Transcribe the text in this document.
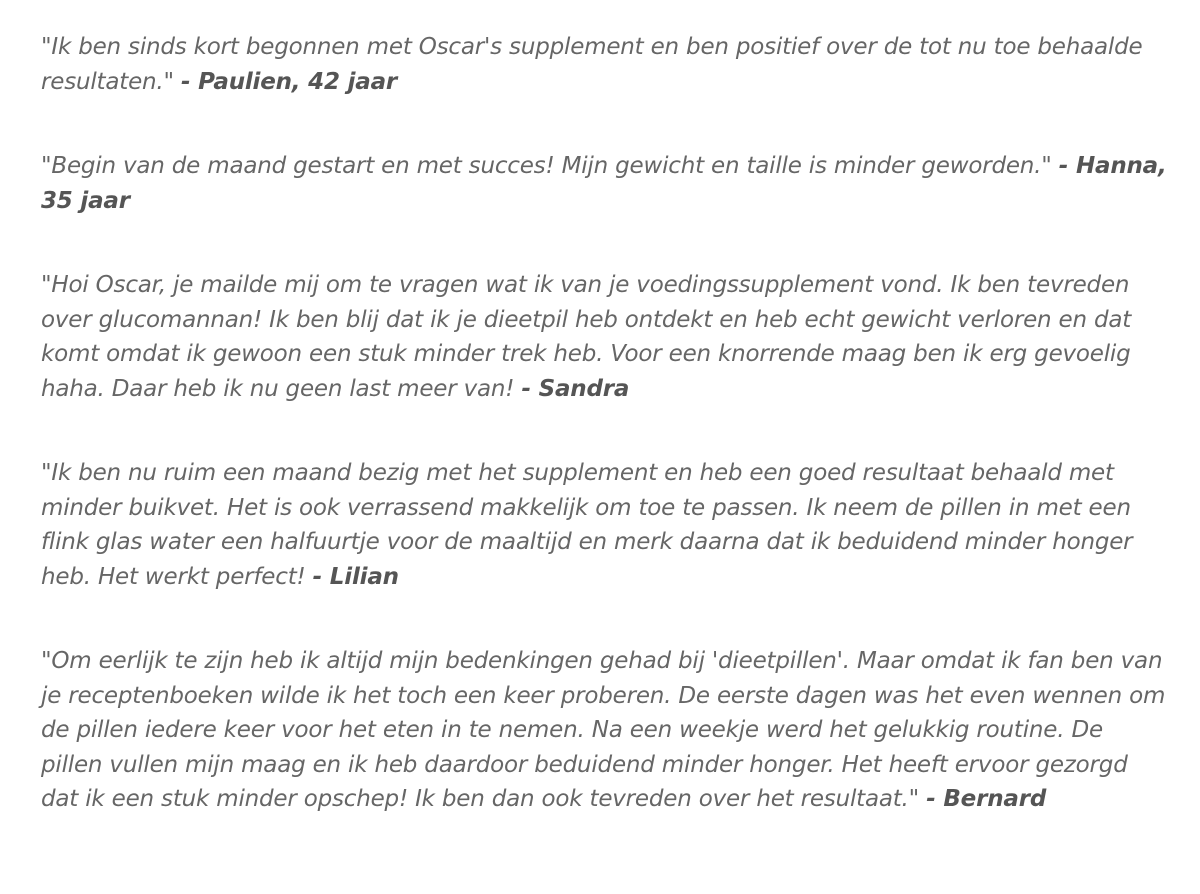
"Ik ben sinds kort begonnen met Oscar's supplement en ben positief over de tot nu toe behaalde resultaten." - Paulien, 42 jaar

"Begin van de maand gestart en met succes! Mijn gewicht en taille is minder geworden." - Hanna, 35 jaar

"Hoi Oscar, je mailde mij om te vragen wat ik van je voedingssupplement vond. Ik ben tevreden over glucomannan! Ik ben blij dat ik je dieetpil heb ontdekt en heb echt gewicht verloren en dat komt omdat ik gewoon een stuk minder trek heb. Voor een knorrende maag ben ik erg gevoelig haha. Daar heb ik nu geen last meer van! - Sandra

"Ik ben nu ruim een maand bezig met het supplement en heb een goed resultaat behaald met minder buikvet. Het is ook verrassend makkelijk om toe te passen. Ik neem de pillen in met een flink glas water een halfuurtje voor de maaltijd en merk daarna dat ik beduidend minder honger heb. Het werkt perfect! - Lilian

"Om eerlijk te zijn heb ik altijd mijn bedenkingen gehad bij 'dieetpillen'. Maar omdat ik fan ben van je receptenboeken wilde ik het toch een keer proberen. De eerste dagen was het even wennen om de pillen iedere keer voor het eten in te nemen. Na een weekje werd het gelukkig routine. De pillen vullen mijn maag en ik heb daardoor beduidend minder honger. Het heeft ervoor gezorgd dat ik een stuk minder opschep! Ik ben dan ook tevreden over het resultaat." - Bernard
